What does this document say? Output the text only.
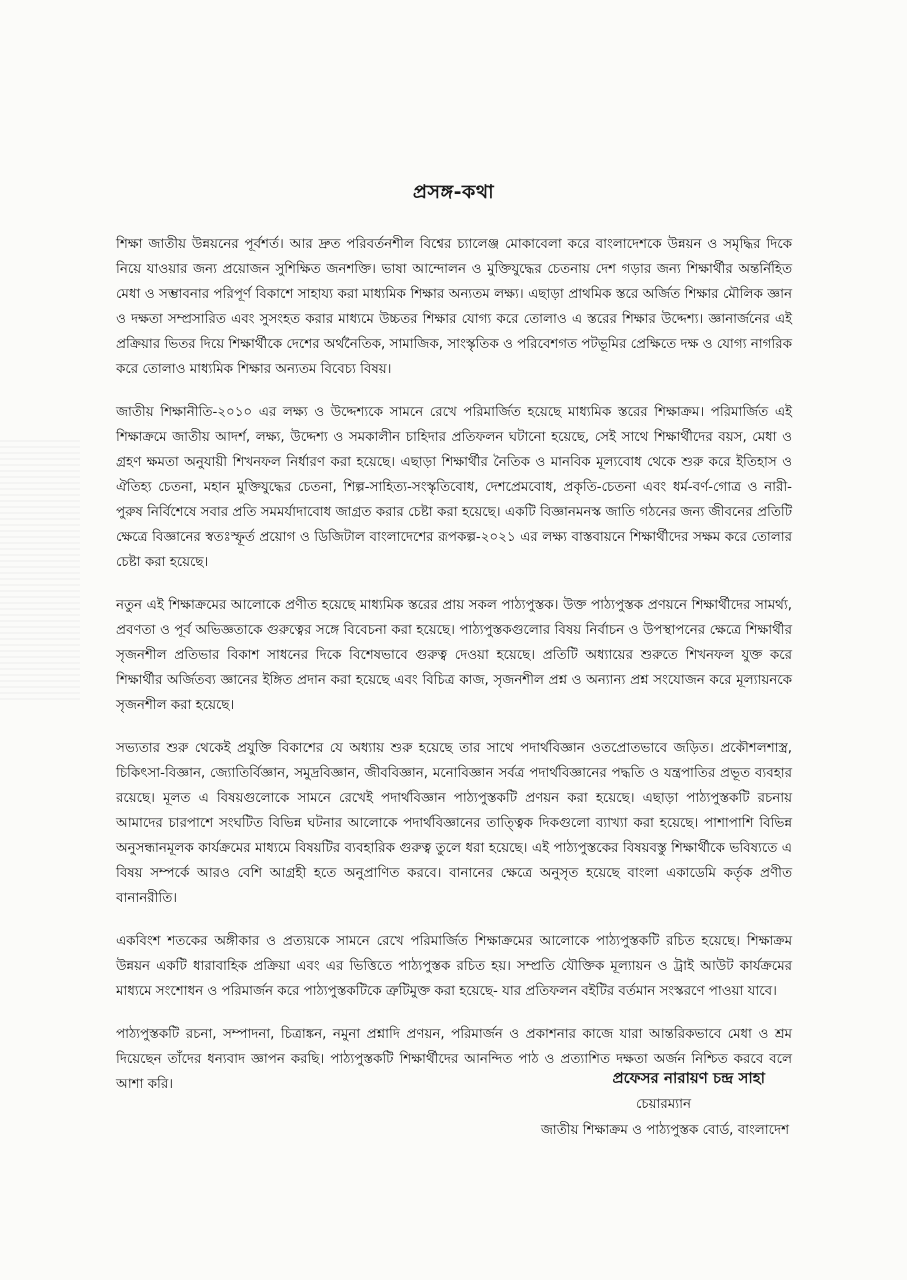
প্রসঙ্গ-কথা

শিক্ষা জাতীয় উন্নয়নের পূর্বশর্ত। আর দ্রুত পরিবর্তনশীল বিশ্বের চ্যালেঞ্জ মোকাবেলা করে বাংলাদেশকে উন্নয়ন ও সমৃদ্ধির দিকে নিয়ে যাওয়ার জন্য প্রয়োজন সুশিক্ষিত জনশক্তি। ভাষা আন্দোলন ও মুক্তিযুদ্ধের চেতনায় দেশ গড়ার জন্য শিক্ষার্থীর অন্তর্নিহিত মেধা ও সম্ভাবনার পরিপূর্ণ বিকাশে সাহায্য করা মাধ্যমিক শিক্ষার অন্যতম লক্ষ্য। এছাড়া প্রাথমিক স্তরে অর্জিত শিক্ষার মৌলিক জ্ঞান ও দক্ষতা সম্প্রসারিত এবং সুসংহত করার মাধ্যমে উচ্চতর শিক্ষার যোগ্য করে তোলাও এ স্তরের শিক্ষার উদ্দেশ্য। জ্ঞানার্জনের এই প্রক্রিয়ার ভিতর দিয়ে শিক্ষার্থীকে দেশের অর্থনৈতিক, সামাজিক, সাংস্কৃতিক ও পরিবেশগত পটভূমির প্রেক্ষিতে দক্ষ ও যোগ্য নাগরিক করে তোলাও মাধ্যমিক শিক্ষার অন্যতম বিবেচ্য বিষয়।

জাতীয় শিক্ষানীতি-২০১০ এর লক্ষ্য ও উদ্দেশ্যকে সামনে রেখে পরিমার্জিত হয়েছে মাধ্যমিক স্তরের শিক্ষাক্রম। পরিমার্জিত এই শিক্ষাক্রমে জাতীয় আদর্শ, লক্ষ্য, উদ্দেশ্য ও সমকালীন চাহিদার প্রতিফলন ঘটানো হয়েছে, সেই সাথে শিক্ষার্থীদের বয়স, মেধা ও গ্রহণ ক্ষমতা অনুযায়ী শিখনফল নির্ধারণ করা হয়েছে। এছাড়া শিক্ষার্থীর নৈতিক ও মানবিক মূল্যবোধ থেকে শুরু করে ইতিহাস ও ঐতিহ্য চেতনা, মহান মুক্তিযুদ্ধের চেতনা, শিল্প-সাহিত্য-সংস্কৃতিবোধ, দেশপ্রেমবোধ, প্রকৃতি-চেতনা এবং ধর্ম-বর্ণ-গোত্র ও নারী-পুরুষ নির্বিশেষে সবার প্রতি সমমর্যাদাবোধ জাগ্রত করার চেষ্টা করা হয়েছে। একটি বিজ্ঞানমনস্ক জাতি গঠনের জন্য জীবনের প্রতিটি ক্ষেত্রে বিজ্ঞানের স্বতঃস্ফূর্ত প্রয়োগ ও ডিজিটাল বাংলাদেশের রূপকল্প-২০২১ এর লক্ষ্য বাস্তবায়নে শিক্ষার্থীদের সক্ষম করে তোলার চেষ্টা করা হয়েছে।

নতুন এই শিক্ষাক্রমের আলোকে প্রণীত হয়েছে মাধ্যমিক স্তরের প্রায় সকল পাঠ্যপুস্তক। উক্ত পাঠ্যপুস্তক প্রণয়নে শিক্ষার্থীদের সামর্থ্য, প্রবণতা ও পূর্ব অভিজ্ঞতাকে গুরুত্বের সঙ্গে বিবেচনা করা হয়েছে। পাঠ্যপুস্তকগুলোর বিষয় নির্বাচন ও উপস্থাপনের ক্ষেত্রে শিক্ষার্থীর সৃজনশীল প্রতিভার বিকাশ সাধনের দিকে বিশেষভাবে গুরুত্ব দেওয়া হয়েছে। প্রতিটি অধ্যায়ের শুরুতে শিখনফল যুক্ত করে শিক্ষার্থীর অর্জিতব্য জ্ঞানের ইঙ্গিত প্রদান করা হয়েছে এবং বিচিত্র কাজ, সৃজনশীল প্রশ্ন ও অন্যান্য প্রশ্ন সংযোজন করে মূল্যায়নকে সৃজনশীল করা হয়েছে।

সভ্যতার শুরু থেকেই প্রযুক্তি বিকাশের যে অধ্যায় শুরু হয়েছে তার সাথে পদার্থবিজ্ঞান ওতপ্রোতভাবে জড়িত। প্রকৌশলশাস্ত্র, চিকিৎসা-বিজ্ঞান, জ্যোতির্বিজ্ঞান, সমুদ্রবিজ্ঞান, জীববিজ্ঞান, মনোবিজ্ঞান সর্বত্র পদার্থবিজ্ঞানের পদ্ধতি ও যন্ত্রপাতির প্রভূত ব্যবহার রয়েছে। মূলত এ বিষয়গুলোকে সামনে রেখেই পদার্থবিজ্ঞান পাঠ্যপুস্তকটি প্রণয়ন করা হয়েছে। এছাড়া পাঠ্যপুস্তকটি রচনায় আমাদের চারপাশে সংঘটিত বিভিন্ন ঘটনার আলোকে পদার্থবিজ্ঞানের তাত্ত্বিক দিকগুলো ব্যাখ্যা করা হয়েছে। পাশাপাশি বিভিন্ন অনুসন্ধানমূলক কার্যক্রমের মাধ্যমে বিষয়টির ব্যবহারিক গুরুত্ব তুলে ধরা হয়েছে। এই পাঠ্যপুস্তকের বিষয়বস্তু শিক্ষার্থীকে ভবিষ্যতে এ বিষয় সম্পর্কে আরও বেশি আগ্রহী হতে অনুপ্রাণিত করবে। বানানের ক্ষেত্রে অনুসৃত হয়েছে বাংলা একাডেমি কর্তৃক প্রণীত বানানরীতি।

একবিংশ শতকের অঙ্গীকার ও প্রত্যয়কে সামনে রেখে পরিমার্জিত শিক্ষাক্রমের আলোকে পাঠ্যপুস্তকটি রচিত হয়েছে। শিক্ষাক্রম উন্নয়ন একটি ধারাবাহিক প্রক্রিয়া এবং এর ভিত্তিতে পাঠ্যপুস্তক রচিত হয়। সম্প্রতি যৌক্তিক মূল্যায়ন ও ট্রাই আউট কার্যক্রমের মাধ্যমে সংশোধন ও পরিমার্জন করে পাঠ্যপুস্তকটিকে ত্রুটিমুক্ত করা হয়েছে- যার প্রতিফলন বইটির বর্তমান সংস্করণে পাওয়া যাবে।

পাঠ্যপুস্তকটি রচনা, সম্পাদনা, চিত্রাঙ্কন, নমুনা প্রশ্নাদি প্রণয়ন, পরিমার্জন ও প্রকাশনার কাজে যারা আন্তরিকভাবে মেধা ও শ্রম দিয়েছেন তাঁদের ধন্যবাদ জ্ঞাপন করছি। পাঠ্যপুস্তকটি শিক্ষার্থীদের আনন্দিত পাঠ ও প্রত্যাশিত দক্ষতা অর্জন নিশ্চিত করবে বলে আশা করি।	প্রফেসর নারায়ণ চন্দ্র সাহা
চেয়ারম্যান
জাতীয় শিক্ষাক্রম ও পাঠ্যপুস্তক বোর্ড, বাংলাদেশ
